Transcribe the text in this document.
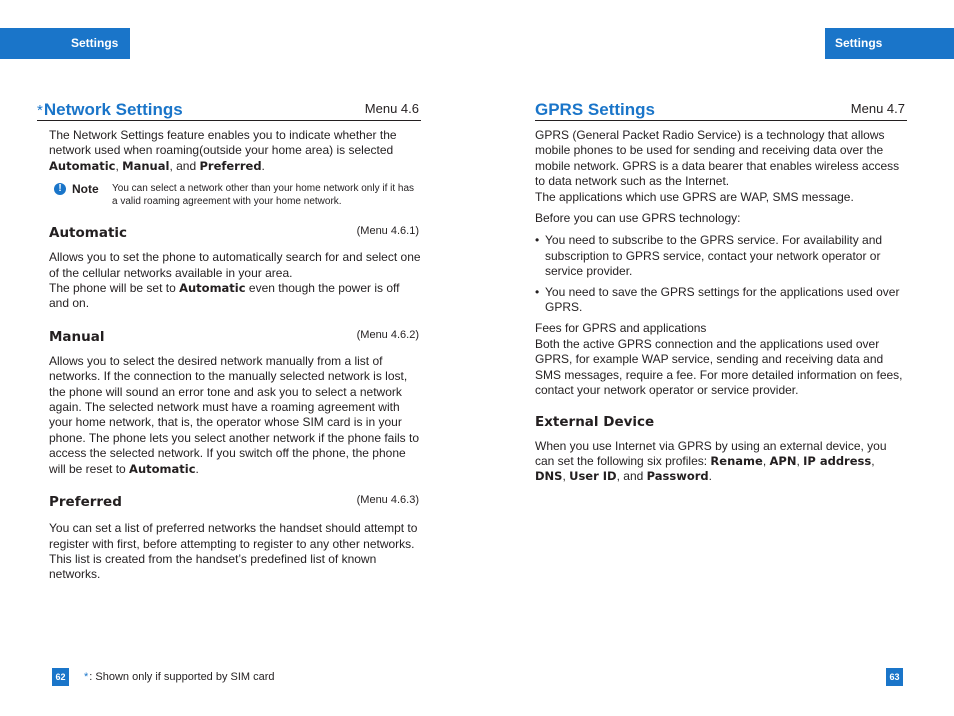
Settings	Settings
*Network Settings	Menu 4.6

The Network Settings feature enables you to indicate whether the network used when roaming(outside your home area) is selected Automatic, Manual, and Preferred.

! Note You can select a network other than your home network only if it has a valid roaming agreement with your home network.

Automatic	(Menu 4.6.1)

Allows you to set the phone to automatically search for and select one of the cellular networks available in your area.

The phone will be set to Automatic even though the power is off and on.

Manual	(Menu 4.6.2)

Allows you to select the desired network manually from a list of networks. If the connection to the manually selected network is lost, the phone will sound an error tone and ask you to select a network again. The selected network must have a roaming agreement with your home network, that is, the operator whose SIM card is in your phone. The phone lets you select another network if the phone fails to access the selected network. If you switch off the phone, the phone will be reset to Automatic.

Preferred	(Menu 4.6.3)

You can set a list of preferred networks the handset should attempt to register with first, before attempting to register to any other networks. This list is created from the handset’s predefined list of known networks.

GPRS Settings	Menu 4.7

GPRS (General Packet Radio Service) is a technology that allows mobile phones to be used for sending and receiving data over the mobile network. GPRS is a data bearer that enables wireless access to data network such as the Internet.

The applications which use GPRS are WAP, SMS message.

Before you can use GPRS technology:

• You need to subscribe to the GPRS service. For availability and subscription to GPRS service, contact your network operator or service provider.

• You need to save the GPRS settings for the applications used over GPRS.

Fees for GPRS and applications

Both the active GPRS connection and the applications used over GPRS, for example WAP service, sending and receiving data and SMS messages, require a fee. For more detailed information on fees, contact your network operator or service provider.

External Device

When you use Internet via GPRS by using an external device, you can set the following six profiles: Rename, APN, IP address, DNS, User ID, and Password.

62	*: Shown only if supported by SIM card	63
